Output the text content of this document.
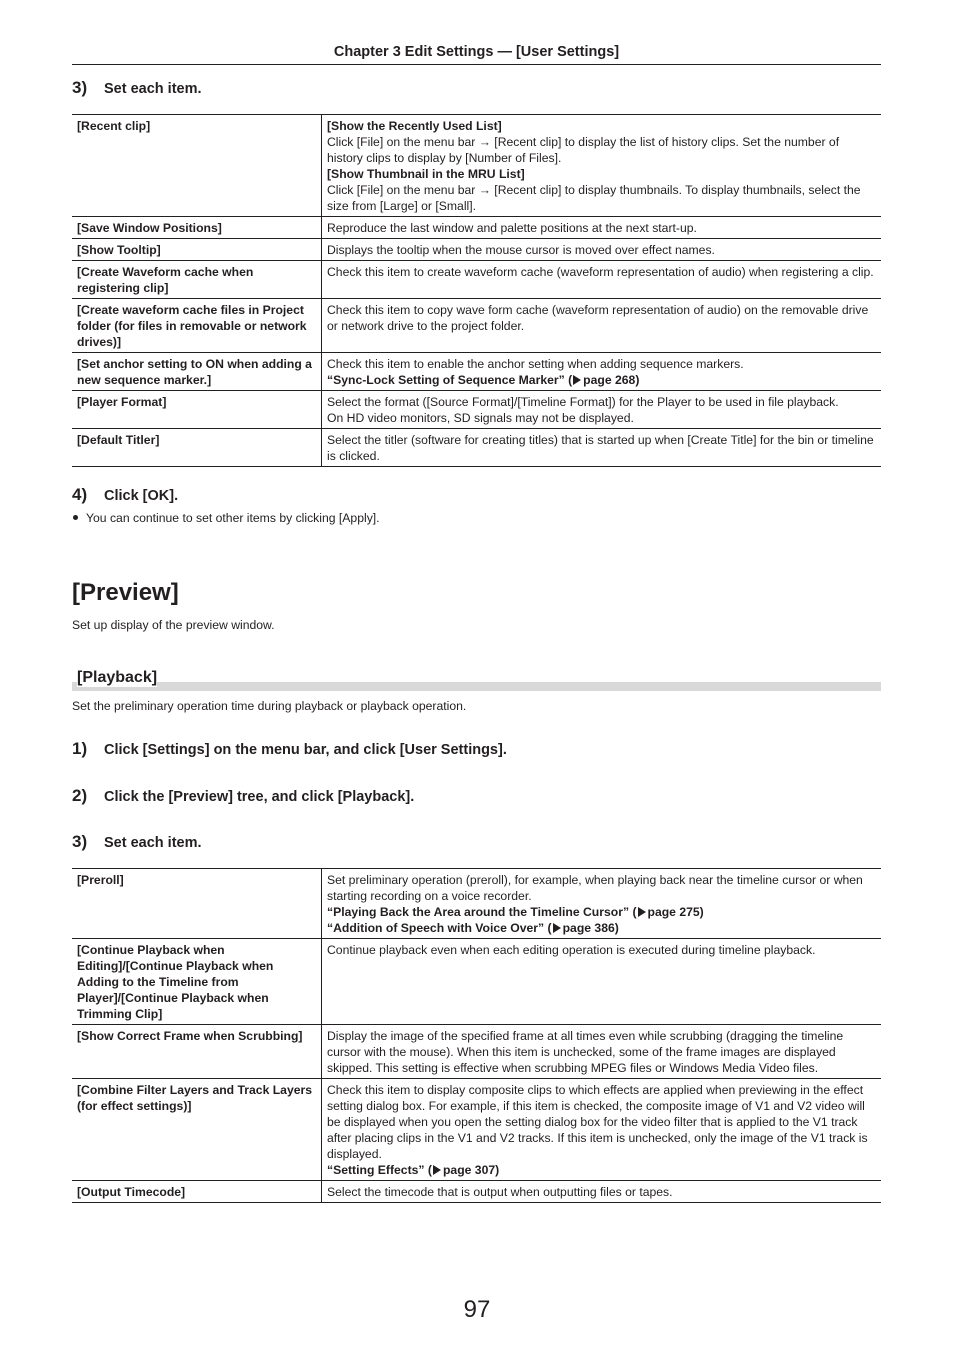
Chapter 3 Edit Settings — [User Settings]
3) Set each item.
[Recent clip]	[Show the Recently Used List]
Click [File] on the menu bar → [Recent clip] to display the list of history clips. Set the number of history clips to display by [Number of Files].
[Show Thumbnail in the MRU List]
Click [File] on the menu bar → [Recent clip] to display thumbnails. To display thumbnails, select the size from [Large] or [Small].

[Save Window Positions]	Reproduce the last window and palette positions at the next start-up.

[Show Tooltip]	Displays the tooltip when the mouse cursor is moved over effect names.

[Create Waveform cache when registering clip]	Check this item to create waveform cache (waveform representation of audio) when registering a clip.

[Create waveform cache files in Project folder (for files in removable or network drives)]	Check this item to copy wave form cache (waveform representation of audio) on the removable drive or network drive to the project folder.

[Set anchor setting to ON when adding a new sequence marker.]	Check this item to enable the anchor setting when adding sequence markers.
“Sync-Lock Setting of Sequence Marker” ( page 268)

[Player Format]	Select the format ([Source Format]/[Timeline Format]) for the Player to be used in file playback.
On HD video monitors, SD signals may not be displayed.

[Default Titler]	Select the titler (software for creating titles) that is started up when [Create Title] for the bin or timeline is clicked.
4) Click [OK].
You can continue to set other items by clicking [Apply].
[Preview]
Set up display of the preview window.
[Playback]
Set the preliminary operation time during playback or playback operation.
1) Click [Settings] on the menu bar, and click [User Settings].
2) Click the [Preview] tree, and click [Playback].
3) Set each item.
[Preroll]	Set preliminary operation (preroll), for example, when playing back near the timeline cursor or when starting recording on a voice recorder.
“Playing Back the Area around the Timeline Cursor” ( page 275)
“Addition of Speech with Voice Over” ( page 386)

[Continue Playback when Editing]/[Continue Playback when Adding to the Timeline from Player]/[Continue Playback when Trimming Clip]	Continue playback even when each editing operation is executed during timeline playback.

[Show Correct Frame when Scrubbing]	Display the image of the specified frame at all times even while scrubbing (dragging the timeline cursor with the mouse). When this item is unchecked, some of the frame images are displayed skipped. This setting is effective when scrubbing MPEG files or Windows Media Video files.

[Combine Filter Layers and Track Layers (for effect settings)]	Check this item to display composite clips to which effects are applied when previewing in the effect setting dialog box. For example, if this item is checked, the composite image of V1 and V2 video will be displayed when you open the setting dialog box for the video filter that is applied to the V1 track after placing clips in the V1 and V2 tracks. If this item is unchecked, only the image of the V1 track is displayed.
“Setting Effects” ( page 307)

[Output Timecode]	Select the timecode that is output when outputting files or tapes.
97
